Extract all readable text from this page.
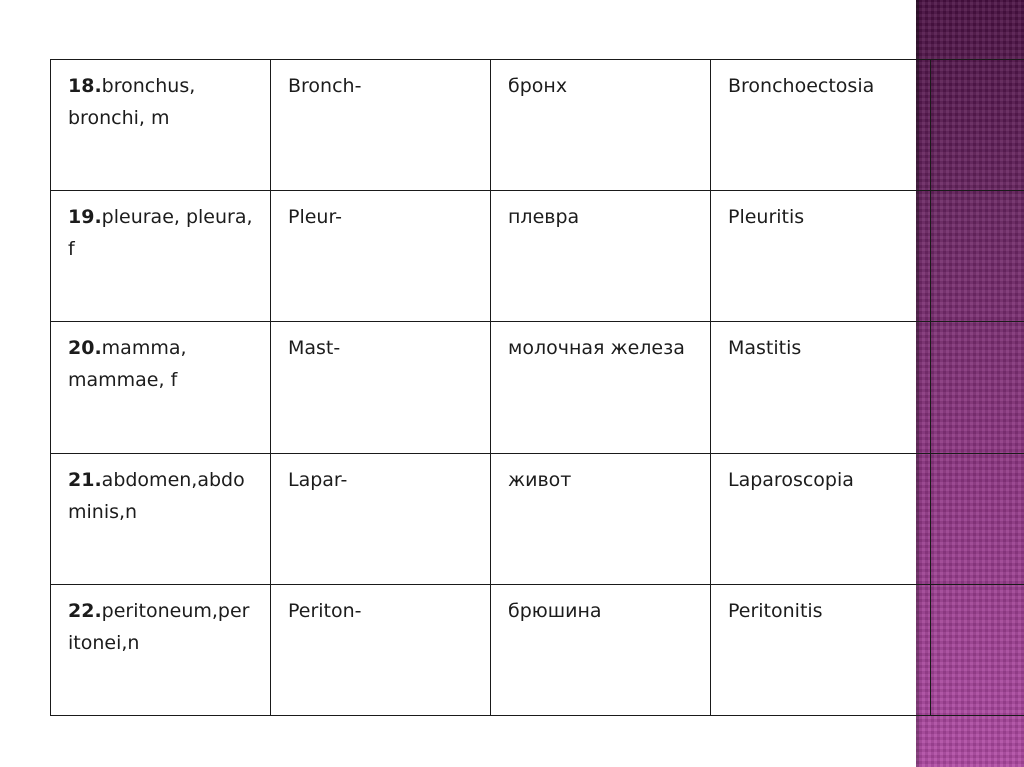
18.bronchus, bronchi, m	Bronch-	бронх	Bronchoectosia	
19.pleurae, pleura, f	Pleur-	плевра	Pleuritis	
20.mamma, mammae, f	Mast-	молочная железа	Mastitis	
21.abdomen,abdominis,n	Lapar-	живот	Laparoscopia	
22.peritoneum,peritonei,n	Periton-	брюшина	Peritonitis	
